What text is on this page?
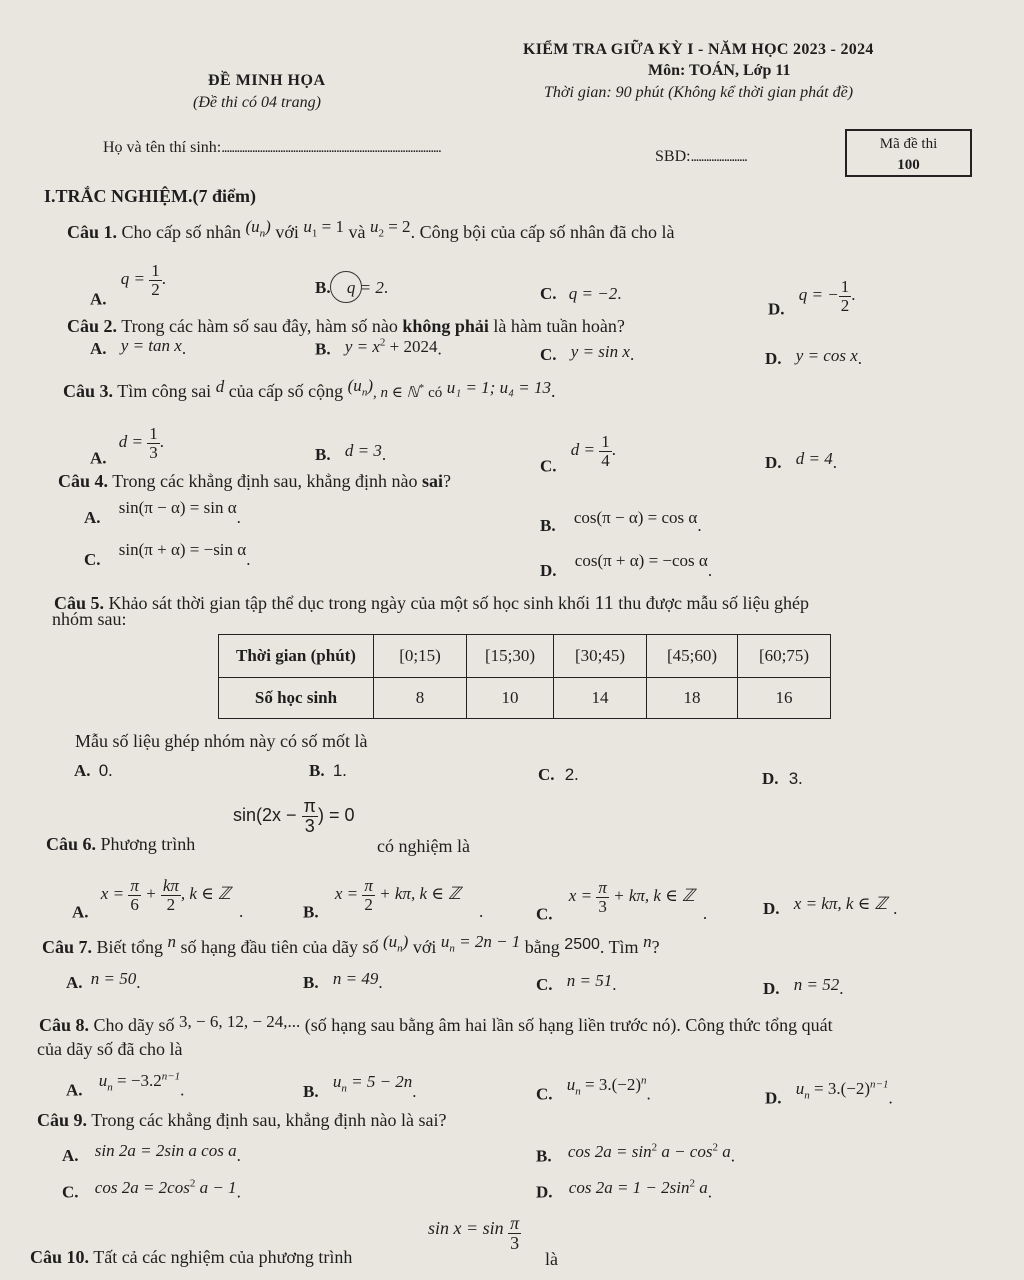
KIỂM TRA GIỮA KỲ I - NĂM HỌC 2023 - 2024
Môn: TOÁN, Lớp 11
ĐỀ MINH HỌA
(Đề thi có 04 trang)
Thời gian: 90 phút (Không kể thời gian phát đề)
Họ và tên thí sinh:......................................................................................	SBD:......................
Mã đề thi
100
I.TRẮC NGHIỆM.(7 điểm)
Câu 1. Cho cấp số nhân $(u_n)$ với $u_1 = 1$ và $u_2 = 2$. Công bội của cấp số nhân đã cho là
A. $q = \frac{1}{2}$ .	B. q = 2.	C. q = −2.
D. q = − $\frac{1}{2}$ .
Câu 2. Trong các hàm số sau đây, hàm số nào không phải là hàm tuần hoàn?
A. y = tan x.	B. $y = x^2 + 2024$.	C. y = sin x.	D. y = cos x.
Câu 3. Tìm công sai d của cấp số cộng $(u_n)$, n ∈ ℕ* có u₁ = 1; u₄ = 13.
A. $d = \frac{1}{3}$ .
B. d = 3.
C. $d = \frac{1}{4}$ .
D. d = 4.
Câu 4. Trong các khẳng định sau, khẳng định nào sai?
A. sin(π − α) = sin α.	B. cos(π − α) = cos α.
C. sin(π + α) = −sin α.
D. cos(π + α) = −cos α.
Câu 5. Khảo sát thời gian tập thể dục trong ngày của một số học sinh khối 11 thu được mẫu số liệu ghép
nhóm sau:
Thời gian (phút)	[0;15)	[15;30)	[30;45)	[45;60)	[60;75)
Số học sinh	8	10	14	18	16
Mẫu số liệu ghép nhóm này có số mốt là
A. 0.	B. 1.	C. 2.	D. 3.
Câu 6. Phương trình
$\sin(2x - \frac{\pi}{3}$ ) = 0
có nghiệm là
A. $x = \frac{\pi}{6} + \frac{k\pi}{2}$ , k ∈ ℤ .	B. $x = \frac{\pi}{2} + k\pi$, k ∈ ℤ .	C. $x = \frac{\pi}{3} + k\pi$, k ∈ ℤ .	D. x = kπ, k ∈ ℤ .
Câu 7. Biết tổng n số hạng đầu tiên của dãy số $(u_n)$ với $u_n = 2n - 1$ bằng 2500. Tìm n?
A. n = 50.	B. n = 49.	C. n = 51.	D. n = 52.
Câu 8. Cho dãy số 3, − 6, 12, − 24,... (số hạng sau bằng âm hai lần số hạng liền trước nó). Công thức tổng quát
của dãy số đã cho là
A. $u_n = -3.2^{n-1}$.	B. $u_n = 5 - 2n$.	C. $u_n = 3.(-2)^n$.	D. $u_n = 3.(-2)^{n-1}$.
Câu 9. Trong các khẳng định sau, khẳng định nào là sai?
A. sin 2a = 2sin a cos a.	B. $\cos 2a = \sin^2 a - \cos^2 a$.
C. $\cos 2a = 2\cos^2$ a − 1.	D. $\cos 2a = 1 - 2\sin^2$ a.
Câu 10. Tất cả các nghiệm của phương trình
$\sin x = \sin \frac{\pi}{3}$
là
